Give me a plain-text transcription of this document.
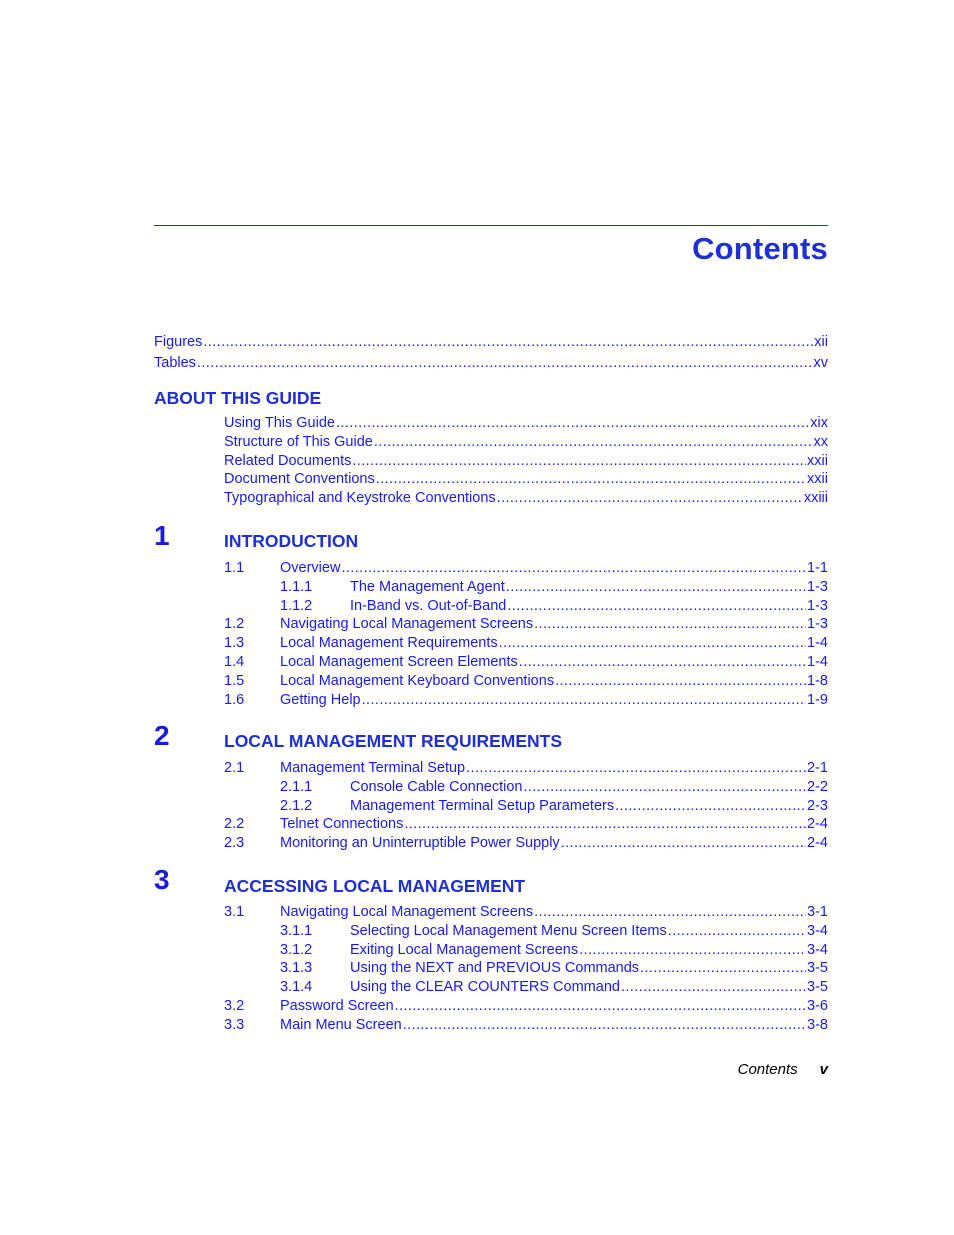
Contents
Figures .....	xii
Tables .....	xv
ABOUT THIS GUIDE
Using This Guide .....	xix
Structure of This Guide .....	xx
Related Documents .....	xxii
Document Conventions .....	xxii
Typographical and Keystroke Conventions .....	xxiii
1	INTRODUCTION
1.1	Overview .....	1-1
1.1.1	The Management Agent .....	1-3
1.1.2	In-Band vs. Out-of-Band .....	1-3
1.2	Navigating Local Management Screens .....	1-3
1.3	Local Management Requirements .....	1-4
1.4	Local Management Screen Elements .....	1-4
1.5	Local Management Keyboard Conventions .....	1-8
1.6	Getting Help .....	1-9
2	LOCAL MANAGEMENT REQUIREMENTS
2.1	Management Terminal Setup .....	2-1
2.1.1	Console Cable Connection .....	2-2
2.1.2	Management Terminal Setup Parameters .....	2-3
2.2	Telnet Connections .....	2-4
2.3	Monitoring an Uninterruptible Power Supply .....	2-4
3	ACCESSING LOCAL MANAGEMENT
3.1	Navigating Local Management Screens .....	3-1
3.1.1	Selecting Local Management Menu Screen Items .....	3-4
3.1.2	Exiting Local Management Screens .....	3-4
3.1.3	Using the NEXT and PREVIOUS Commands .....	3-5
3.1.4	Using the CLEAR COUNTERS Command .....	3-5
3.2	Password Screen .....	3-6
3.3	Main Menu Screen .....	3-8
Contents v
